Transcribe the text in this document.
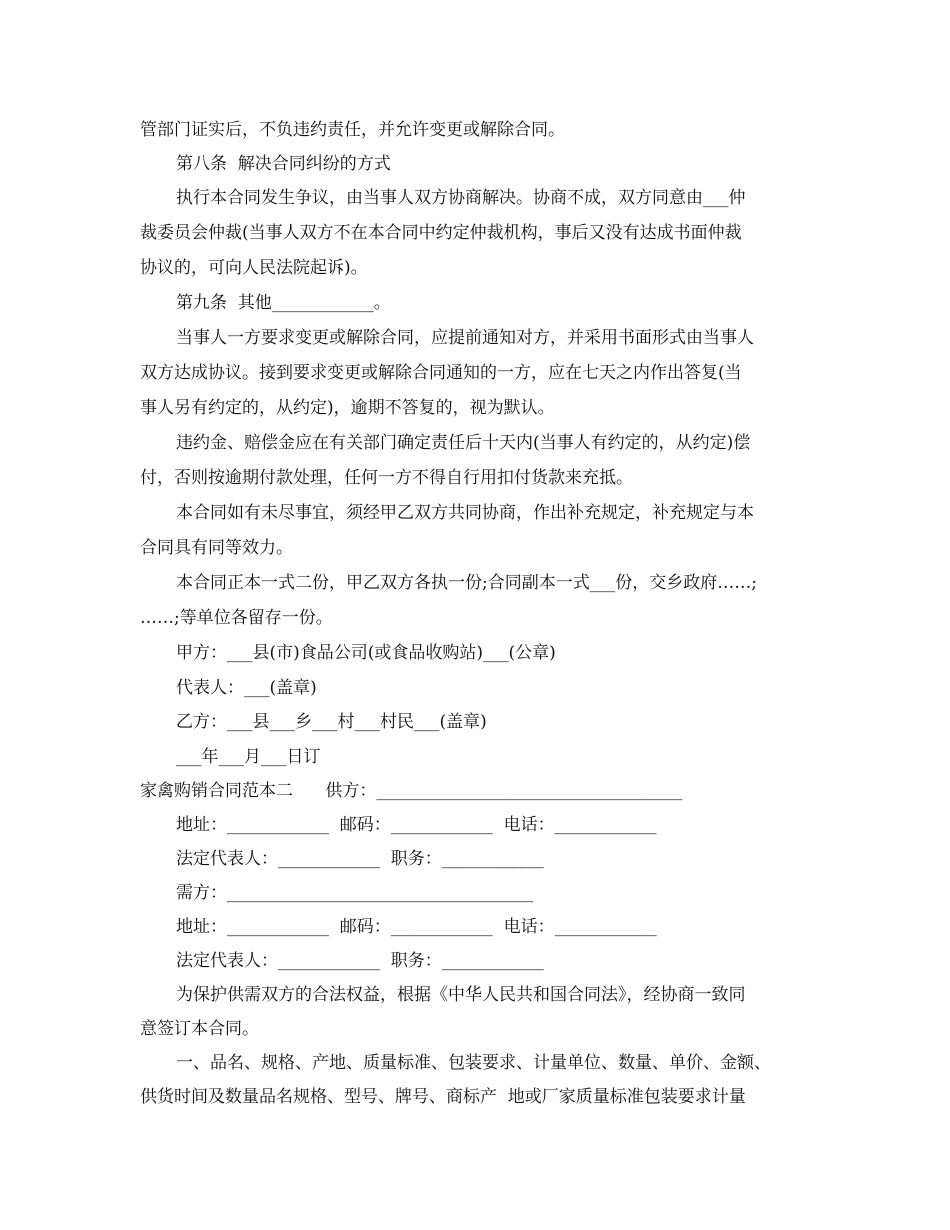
管部门证实后，不负违约责任，并允许变更或解除合同。
第八条  解决合同纠纷的方式
执行本合同发生争议，由当事人双方协商解决。协商不成，双方同意由___仲
裁委员会仲裁(当事人双方不在本合同中约定仲裁机构，事后又没有达成书面仲裁
协议的，可向人民法院起诉)。
第九条  其他____________。
当事人一方要求变更或解除合同，应提前通知对方，并采用书面形式由当事人
双方达成协议。接到要求变更或解除合同通知的一方，应在七天之内作出答复(当
事人另有约定的，从约定)，逾期不答复的，视为默认。
违约金、赔偿金应在有关部门确定责任后十天内(当事人有约定的，从约定)偿
付，否则按逾期付款处理，任何一方不得自行用扣付货款来充抵。
本合同如有未尽事宜，须经甲乙双方共同协商，作出补充规定，补充规定与本
合同具有同等效力。
本合同正本一式二份，甲乙双方各执一份;合同副本一式___份，交乡政府……;
……;等单位各留存一份。
甲方：___县(市)食品公司(或食品收购站)___(公章)
代表人：___(盖章)
乙方：___县___乡___村___村民___(盖章)
___年___月___日订
家禽购销合同范本二      供方：____________________________________
地址：____________  邮码：____________  电话：____________
法定代表人：____________  职务：____________
需方：____________________________________
地址：____________  邮码：____________  电话：____________
法定代表人：____________  职务：____________
为保护供需双方的合法权益，根据《中华人民共和国合同法》，经协商一致同
意签订本合同。
一、品名、规格、产地、质量标准、包装要求、计量单位、数量、单价、金额、
供货时间及数量品名规格、型号、牌号、商标产  地或厂家质量标准包装要求计量
